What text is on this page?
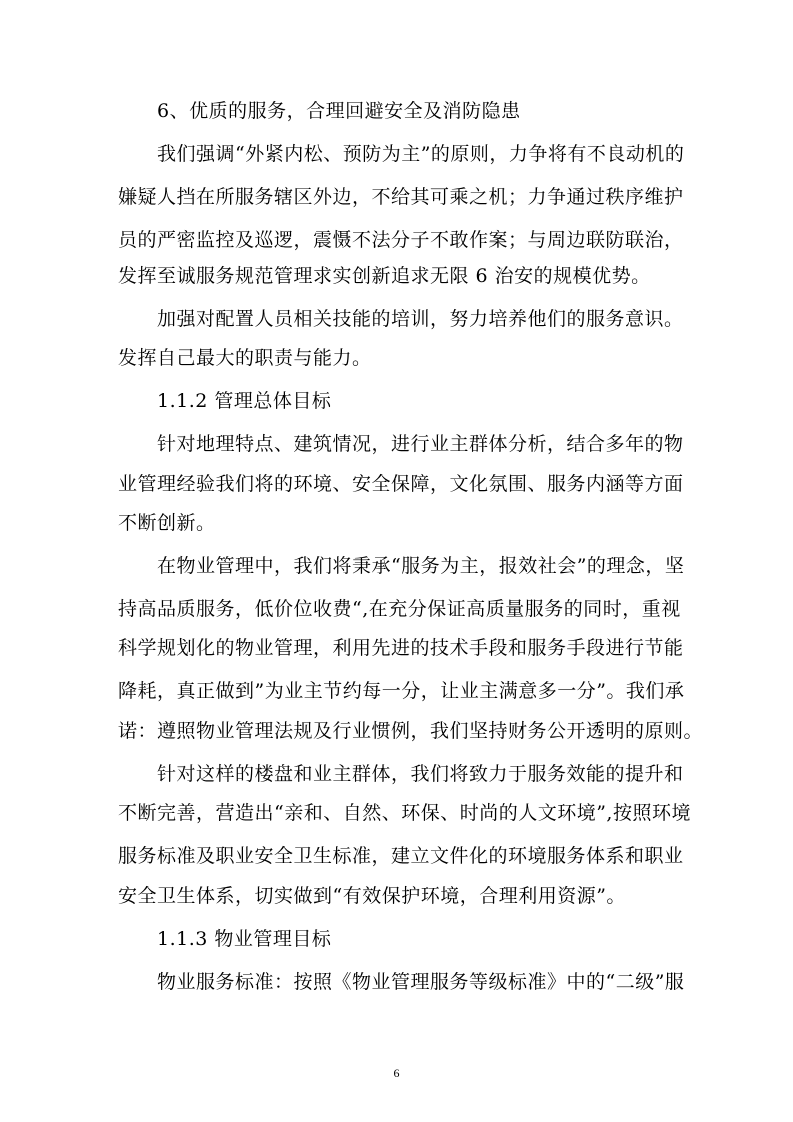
6、优质的服务，合理回避安全及消防隐患
我们强调“外紧内松、预防为主”的原则，力争将有不良动机的
嫌疑人挡在所服务辖区外边，不给其可乘之机；力争通过秩序维护
员的严密监控及巡逻，震慑不法分子不敢作案；与周边联防联治，
发挥至诚服务规范管理求实创新追求无限 6 治安的规模优势。
加强对配置人员相关技能的培训，努力培养他们的服务意识。
发挥自己最大的职责与能力。
1.1.2 管理总体目标
针对地理特点、建筑情况，进行业主群体分析，结合多年的物
业管理经验我们将的环境、安全保障，文化氛围、服务内涵等方面
不断创新。
在物业管理中，我们将秉承“服务为主，报效社会”的理念，坚
持高品质服务，低价位收费“,在充分保证高质量服务的同时，重视
科学规划化的物业管理，利用先进的技术手段和服务手段进行节能
降耗，真正做到”为业主节约每一分，让业主满意多一分”。我们承
诺：遵照物业管理法规及行业惯例，我们坚持财务公开透明的原则。
针对这样的楼盘和业主群体，我们将致力于服务效能的提升和
不断完善，营造出“亲和、自然、环保、时尚的人文环境”,按照环境
服务标准及职业安全卫生标准，建立文件化的环境服务体系和职业
安全卫生体系，切实做到“有效保护环境，合理利用资源”。
1.1.3 物业管理目标
物业服务标准：按照《物业管理服务等级标准》中的“二级”服
6
